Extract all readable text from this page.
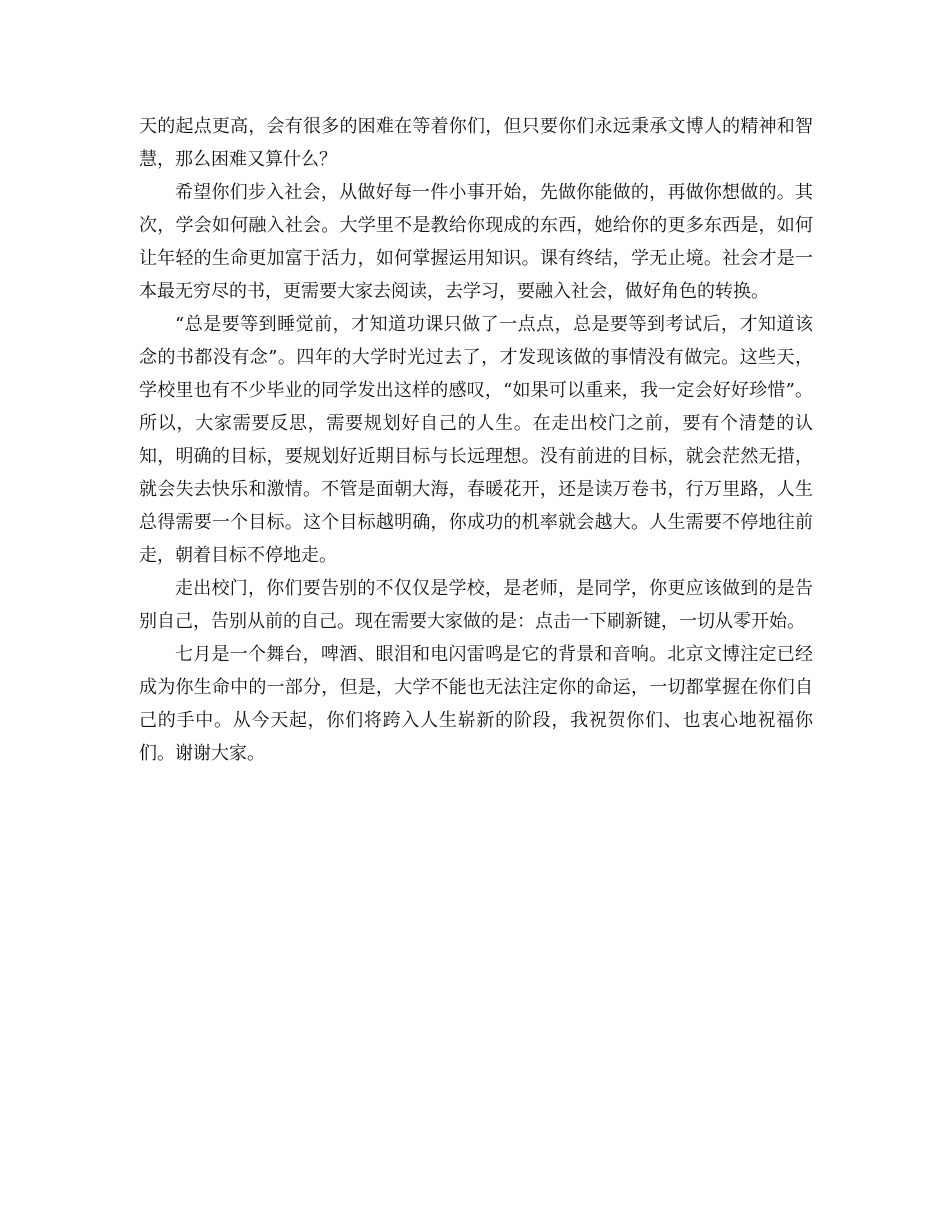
天的起点更高，会有很多的困难在等着你们，但只要你们永远秉承文博人的精神和智慧，那么困难又算什么？

希望你们步入社会，从做好每一件小事开始，先做你能做的，再做你想做的。其次，学会如何融入社会。大学里不是教给你现成的东西，她给你的更多东西是，如何让年轻的生命更加富于活力，如何掌握运用知识。课有终结，学无止境。社会才是一本最无穷尽的书，更需要大家去阅读，去学习，要融入社会，做好角色的转换。

“总是要等到睡觉前，才知道功课只做了一点点，总是要等到考试后，才知道该念的书都没有念”。四年的大学时光过去了，才发现该做的事情没有做完。这些天，学校里也有不少毕业的同学发出这样的感叹，“如果可以重来，我一定会好好珍惜”。所以，大家需要反思，需要规划好自己的人生。在走出校门之前，要有个清楚的认知，明确的目标，要规划好近期目标与长远理想。没有前进的目标，就会茫然无措，就会失去快乐和激情。不管是面朝大海，春暖花开，还是读万卷书，行万里路，人生总得需要一个目标。这个目标越明确，你成功的机率就会越大。人生需要不停地往前走，朝着目标不停地走。

走出校门，你们要告别的不仅仅是学校，是老师，是同学，你更应该做到的是告别自己，告别从前的自己。现在需要大家做的是：点击一下刷新键，一切从零开始。

七月是一个舞台，啤酒、眼泪和电闪雷鸣是它的背景和音响。北京文博注定已经成为你生命中的一部分，但是，大学不能也无法注定你的命运，一切都掌握在你们自己的手中。从今天起，你们将跨入人生崭新的阶段，我祝贺你们、也衷心地祝福你们。谢谢大家。
